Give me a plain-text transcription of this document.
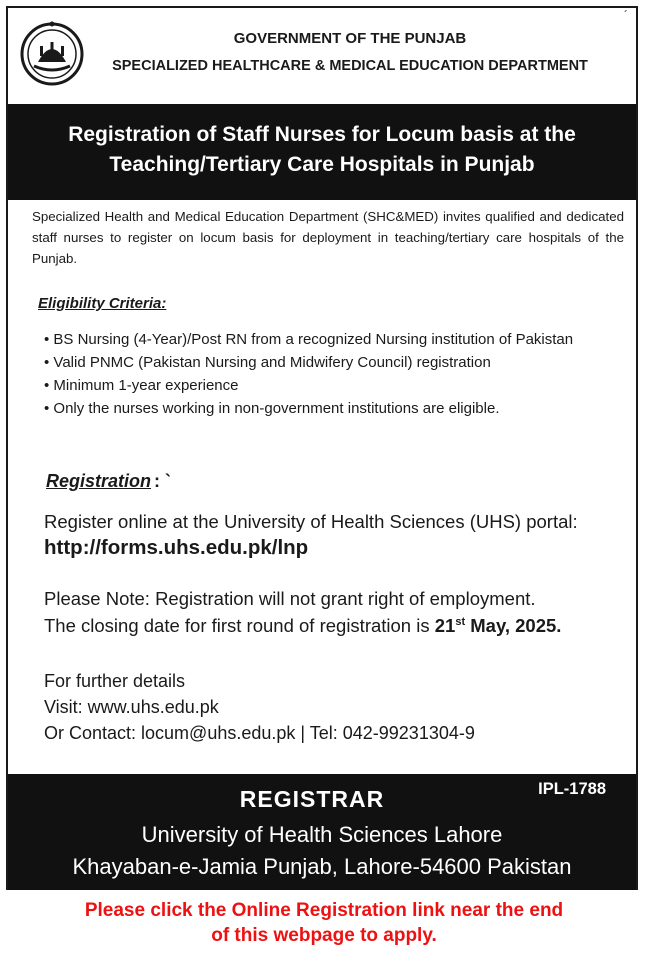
GOVERNMENT OF THE PUNJAB
SPECIALIZED HEALTHCARE & MEDICAL EDUCATION DEPARTMENT
´
Registration of Staff Nurses for Locum basis at the
Teaching/Tertiary Care Hospitals in Punjab
Specialized Health and Medical Education Department (SHC&MED) invites qualified and dedicated staff nurses to register on locum basis for deployment in teaching/tertiary care hospitals of the Punjab.
Eligibility Criteria:
• BS Nursing (4-Year)/Post RN from a recognized Nursing institution of Pakistan
• Valid PNMC (Pakistan Nursing and Midwifery Council) registration
• Minimum 1-year experience
• Only the nurses working in non-government institutions are eligible.
Registration : `
Register online at the University of Health Sciences (UHS) portal:
http://forms.uhs.edu.pk/lnp
Please Note: Registration will not grant right of employment.
The closing date for first round of registration is 21st May, 2025.
For further details
Visit: www.uhs.edu.pk
Or Contact: locum@uhs.edu.pk | Tel: 042-99231304-9
REGISTRAR	IPL-1788
University of Health Sciences Lahore
Khayaban-e-Jamia Punjab, Lahore-54600 Pakistan
Please click the Online Registration link near the end
of this webpage to apply.
